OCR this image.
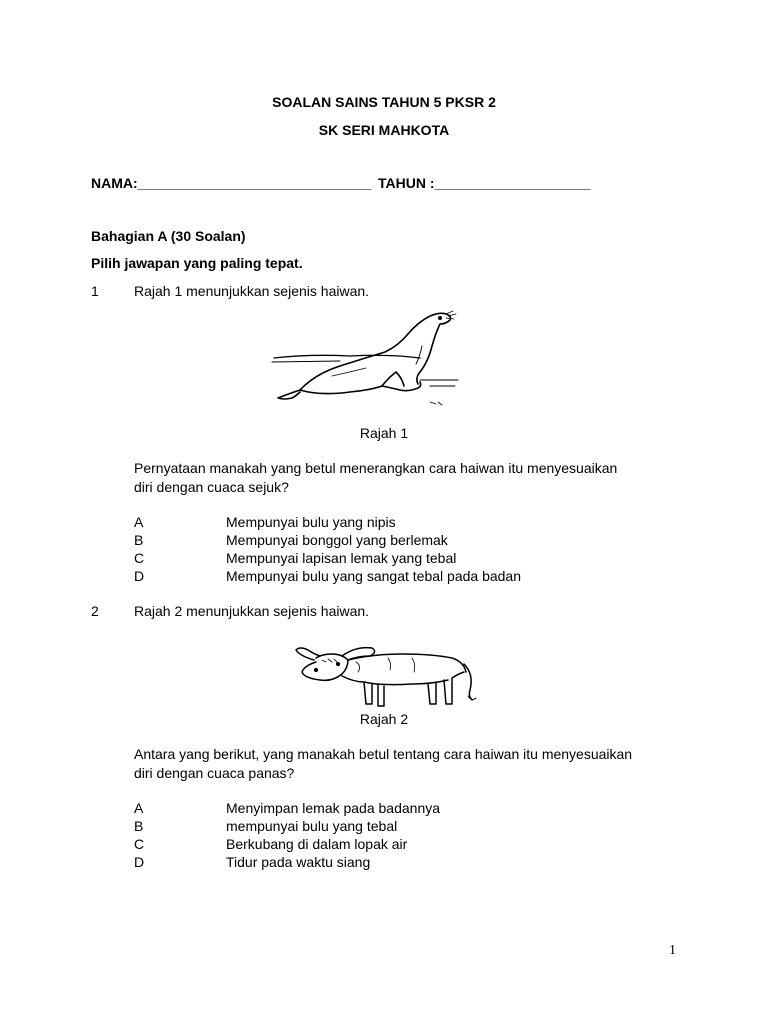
SOALAN SAINS TAHUN 5 PKSR 2
SK SERI MAHKOTA
NAMA:______________________________ TAHUN :____________________
Bahagian A (30 Soalan)
Pilih jawapan yang paling tepat.
1	Rajah 1 menunjukkan sejenis haiwan.
Rajah 1
Pernyataan manakah yang betul menerangkan cara haiwan itu menyesuaikan
diri dengan cuaca sejuk?
A	Mempunyai bulu yang nipis
B	Mempunyai bonggol yang berlemak
C	Mempunyai lapisan lemak yang tebal
D	Mempunyai bulu yang sangat tebal pada badan
2	Rajah 2 menunjukkan sejenis haiwan.
Rajah 2
Antara yang berikut, yang manakah betul tentang cara haiwan itu menyesuaikan
diri dengan cuaca panas?
A	Menyimpan lemak pada badannya
B	mempunyai bulu yang tebal
C	Berkubang di dalam lopak air
D	Tidur pada waktu siang
1
